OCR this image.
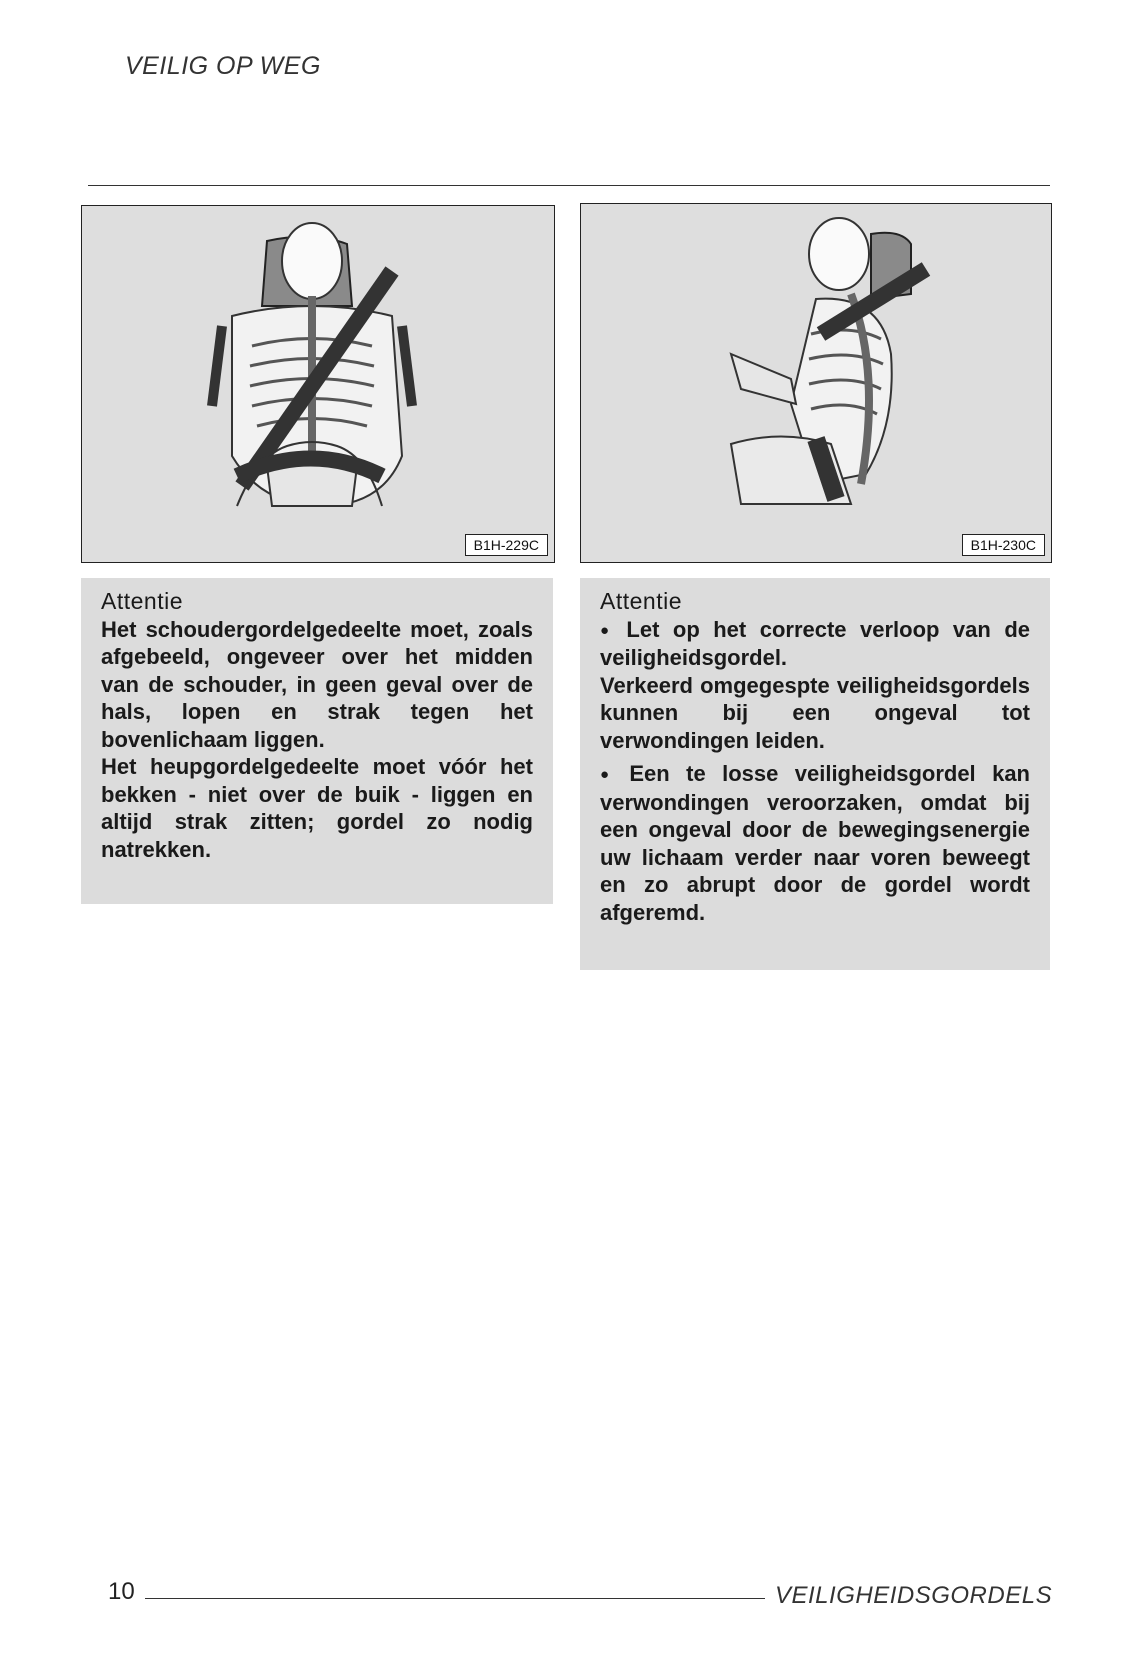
VEILIG OP WEG
B1H-229C	B1H-230C
Attentie

Het schoudergordelgedeelte moet, zoals afgebeeld, ongeveer over het midden van de schouder, in geen geval over de hals, lopen en strak tegen het bovenlichaam liggen.

Het heupgordelgedeelte moet vóór het bekken - niet over de buik - liggen en altijd strak zitten; gordel zo nodig natrekken.

Attentie

● Let op het correcte verloop van de veiligheidsgordel.

Verkeerd omgegespte veiligheidsgordels kunnen bij een ongeval tot verwondingen leiden.

● Een te losse veiligheidsgordel kan verwondingen veroorzaken, omdat bij een ongeval door de bewegingsenergie uw lichaam verder naar voren beweegt en zo abrupt door de gordel wordt afgeremd.

10	VEILIGHEIDSGORDELS
